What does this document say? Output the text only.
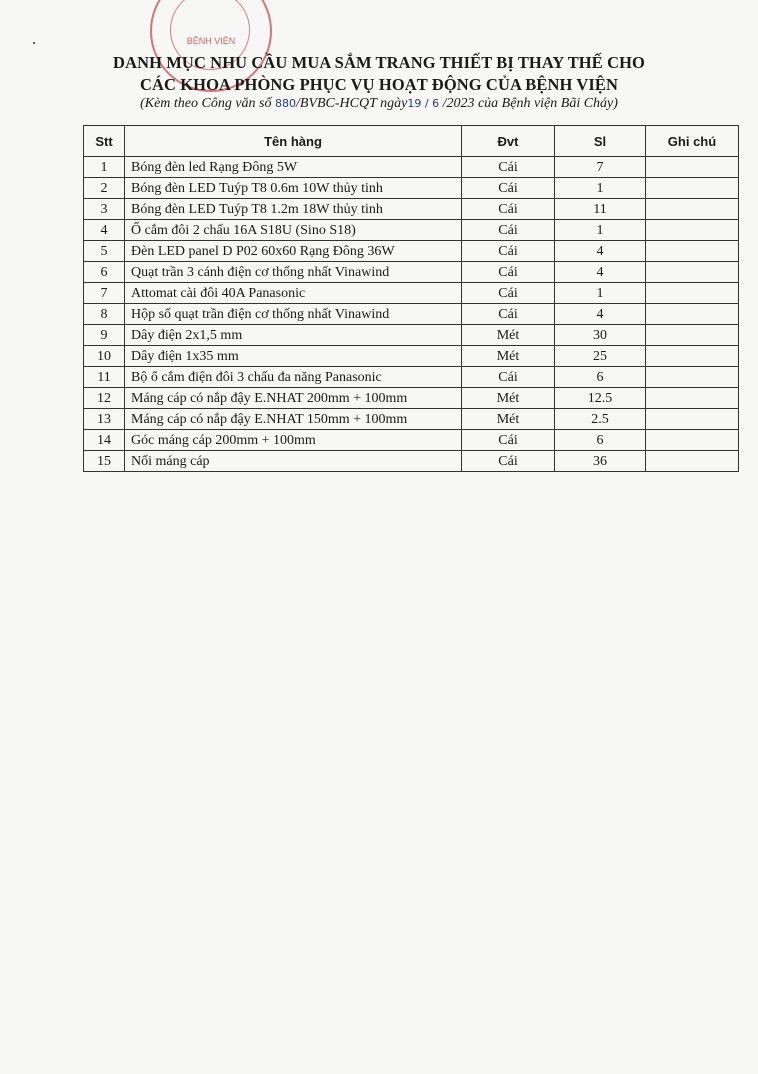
BỆNH VIỆN
DANH MỤC NHU CẦU MUA SẮM TRANG THIẾT BỊ THAY THẾ CHO
CÁC KHOA PHÒNG PHỤC VỤ HOẠT ĐỘNG CỦA BỆNH VIỆN
(Kèm theo Công văn số 880/BVBC-HCQT ngày19 / 6 /2023 của Bệnh viện Bãi Cháy)
Stt	Tên hàng	Đvt	Sl	Ghi chú
1	Bóng đèn led Rạng Đông 5W	Cái	7	
2	Bóng đèn LED Tuýp T8 0.6m 10W thủy tinh	Cái	1	
3	Bóng đèn LED Tuýp T8 1.2m 18W thủy tinh	Cái	11	
4	Ổ cắm đôi 2 chấu 16A S18U (Sino S18)	Cái	1	
5	Đèn LED panel D P02 60x60 Rạng Đông 36W	Cái	4	
6	Quạt trần 3 cánh điện cơ thống nhất Vinawind	Cái	4	
7	Attomat cài đôi 40A Panasonic	Cái	1	
8	Hộp số quạt trần điện cơ thống nhất Vinawind	Cái	4	
9	Dây điện 2x1,5 mm	Mét	30	
10	Dây điện 1x35 mm	Mét	25	
11	Bộ ổ cắm điện đôi 3 chấu đa năng Panasonic	Cái	6	
12	Máng cáp có nắp đậy E.NHAT 200mm + 100mm	Mét	12.5	
13	Máng cáp có nắp đậy E.NHAT 150mm + 100mm	Mét	2.5	
14	Góc máng cáp 200mm + 100mm	Cái	6	
15	Nối máng cáp	Cái	36	
